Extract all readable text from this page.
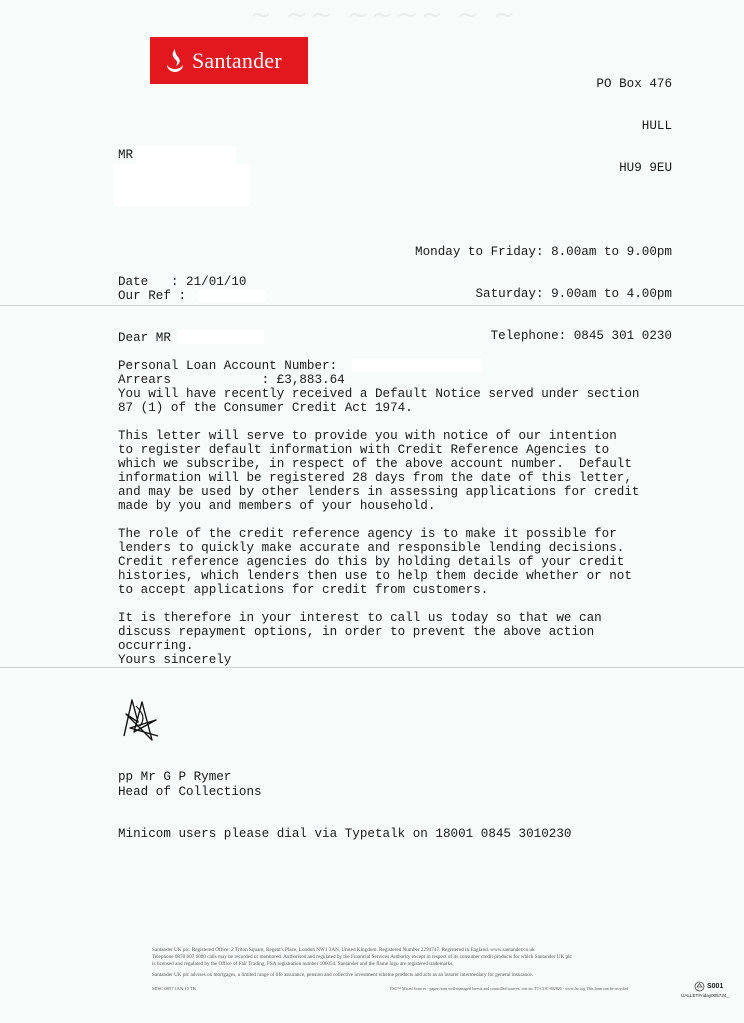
~ ~~ ~~~~ ~ ~
Santander

PO Box 476

HULL

HU9 9EU

MR

Monday to Friday: 8.00am to 9.00pm

Saturday: 9.00am to 4.00pm

Telephone: 0845 301 0230

Date   : 21/01/10
Our Ref :
Dear MR
Personal Loan Account Number:
Arrears            : £3,883.64
You will have recently received a Default Notice served under section
87 (1) of the Consumer Credit Act 1974.
This letter will serve to provide you with notice of our intention
to register default information with Credit Reference Agencies to
which we subscribe, in respect of the above account number.  Default
information will be registered 28 days from the date of this letter,
and may be used by other lenders in assessing applications for credit
made by you and members of your household.
The role of the credit reference agency is to make it possible for
lenders to quickly make accurate and responsible lending decisions.
Credit reference agencies do this by holding details of your credit
histories, which lenders then use to help them decide whether or not
to accept applications for credit from customers.
It is therefore in your interest to call us today so that we can
discuss repayment options, in order to prevent the above action
occurring.
Yours sincerely
pp Mr G P Rymer
Head of Collections
Minicom users please dial via Typetalk on 18001 0845 3010230
Santander UK plc. Registered Office: 2 Triton Square, Regent's Place, London NW1 3AN, United Kingdom. Registered Number 2294747. Registered in England. www.santander.co.uk
Telephone 0870 607 6000 calls may be recorded or monitored. Authorised and regulated by the Financial Services Authority except in respect of its consumer credit products for which Santander UK plc
is licensed and regulated by the Office of Fair Trading. FSA registration number 106054. Santander and the flame logo are registered trademarks.
Santander UK plc advises on mortgages, a limited range of life assurance, pension and collective investment scheme products and acts as an insurer intermediary for general insurance.
MISC 0857 JAN 10 TB	FSC™ Mixed Sources - paper from well-managed forests and controlled sources. cert no. TT-COC-002825 - www.fsc.org This form can be recycled	S001
UALLETFriday005724_
